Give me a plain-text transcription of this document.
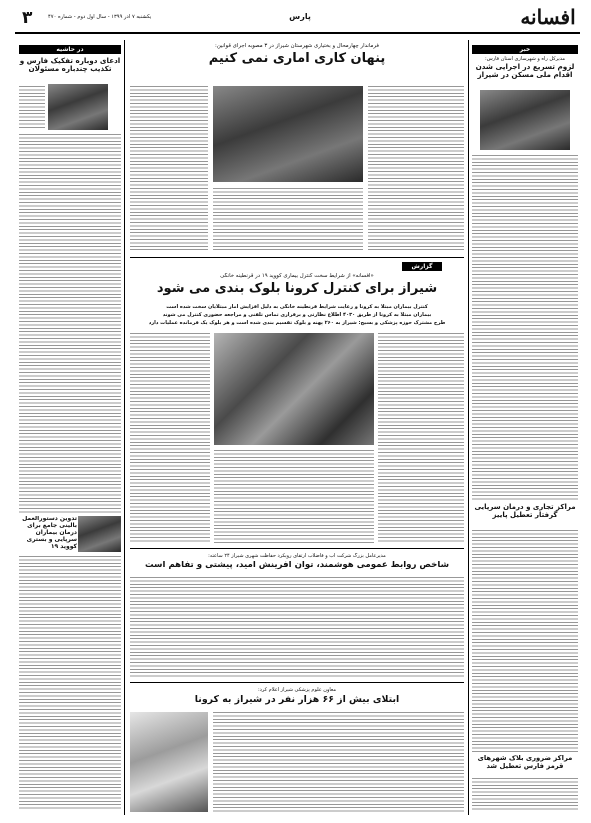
افسانه
۳	یکشنبه ۷ آذر ۱۳۹۹ - سال اول دوم - شماره ۴۷۰	پارس
در حاشیه
ادعای دوباره تفکیک فارس و تکذیب چندباره مسئولان
تدوین دستورالعمل بالینی جامع برای درمان بیماران سرپایی و بستری کووید ۱۹
خبر
مدیرکل راه و شهرسازی استان فارس:
لزوم تسریع در اجرایی شدن اقدام ملی مسکن در شیراز
مراکز تجاری و درمان سرپایی گرفتار تعطیل پاییز
مراکز ضروری بلاک شهرهای قرمز فارس تعطیل شد
فرماندار چهارمحال و بختیاری شهرستان شیراز در ۳ مصوبه اجرای قوانین:
پنهان کاری آماری نمی کنیم
گزارش
«افسانه» از شرایط سخت کنترل بیماری کووید ۱۹ در قرنطینه خانگی
شیراز برای کنترل کرونا بلوک بندی می شود
کنترل بیماران مبتلا به کرونا و رعایت شرایط قرنطینه خانگی به دلیل افزایش آمار مبتلایان سخت شده است
بیماران مبتلا به کرونا از طریق ۴۰۳۰ اطلاع نظارتی و برقراری تماس تلفنی و مراجعه حضوری کنترل می شوند
طرح مشترک حوزه پزشکی و بسیج: شیراز به ۲۶۰ پهنه و بلوک تقسیم بندی شده است و هر بلوک یک فرمانده عملیات دارد
مدیرعامل بزرگ شرکت آب و فاضلاب ارتقای رویکرد حفاظت شهری شیراز ۲۴ ساعته:
شاخص روابط عمومی هوشمند، توان آفرینش امید، پیشتی و تفاهم است
معاون علوم پزشکی شیراز اعلام کرد:
ابتلای بیش از ۶۶ هزار نفر در شیراز به کرونا
